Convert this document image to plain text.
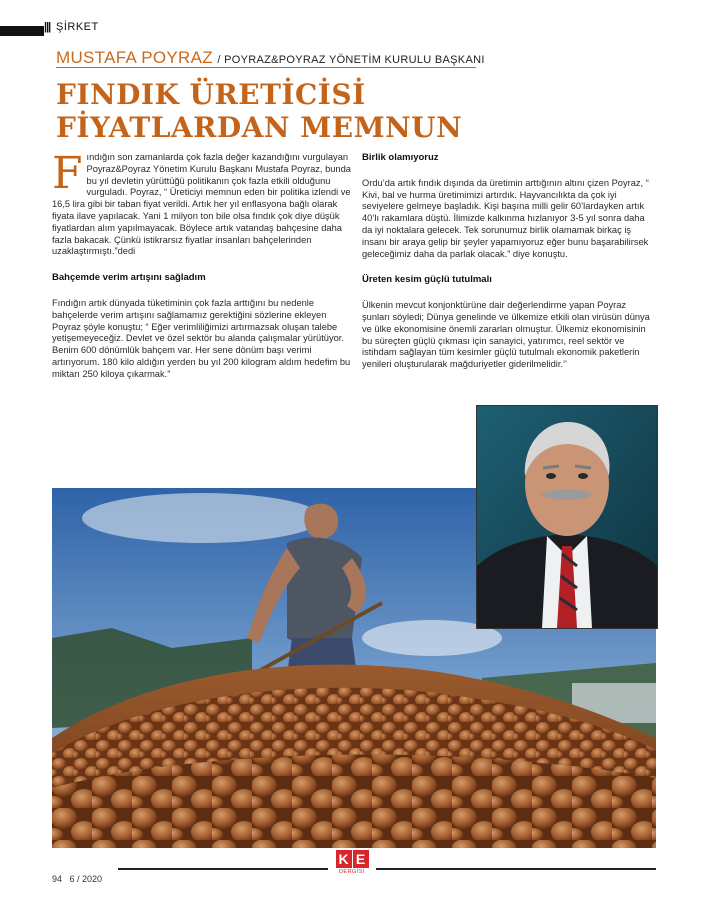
||| ŞİRKET
MUSTAFA POYRAZ / POYRAZ&POYRAZ YÖNETİM KURULU BAŞKANI
FINDIK ÜRETİCİSİ
FİYATLARDAN MEMNUN

Fındığın son zamanlarda çok fazla değer kazandığını vurgulayan Poyraz&Poyraz Yönetim Kurulu Başkanı Mustafa Poyraz, bunda bu yıl devletin yürüttüğü politikanın çok fazla etkili olduğunu vurguladı. Poyraz, “ Üreticiyi memnun eden bir politika izlendi ve 16,5 lira gibi bir taban fiyat verildi. Artık her yıl enflasyona bağlı olarak fiyata ilave yapılacak. Yani 1 milyon ton bile olsa fındık çok diye düşük fiyatlardan alım yapılmayacak. Böylece artık vatandaş bahçesine daha fazla bakacak. Çünkü istikrarsız fiyatlar insanları bahçelerinden uzaklaştırmıştı.”dedi

Bahçemde verim artışını sağladım

Fındığın artık dünyada tüketiminin çok fazla arttığını bu nedenle bahçelerde verim artışını sağlamamız gerektiğini sözlerine ekleyen Poyraz şöyle konuştu; “ Eğer verimliliğimizi artırmazsak oluşan talebe yetişemeyeceğiz. Devlet ve özel sektör bu alanda çalışmalar yürütüyor. Benim 600 dönümlük bahçem var. Her sene dönüm başı verimi artırıyorum. 180 kilo aldığın yerden bu yıl 200 kilogram aldım hedefim bu miktarı 250 kiloya çıkarmak.”

Birlik olamıyoruz

Ordu’da artık fındık dışında da üretimin arttığının altını çizen Poyraz, “ Kivi, bal ve hurma üretimimizi artırdık. Hayvancılıkta da çok iyi seviyelere gelmeye başladık. Kişi başına milli gelir 60’lardayken artık 40’lı rakamlara düştü. İlimizde kalkınma hızlanıyor 3-5 yıl sonra daha da iyi noktalara gelecek. Tek sorunumuz birlik olamamak birkaç iş insanı bir araya gelip bir şeyler yapamıyoruz eğer bunu başarabilirsek geleceğimiz daha da parlak olacak.” diye konuştu.

Üreten kesim güçlü tutulmalı

Ülkenin mevcut konjonktürüne dair değerlendirme yapan Poyraz şunları söyledi; Dünya genelinde ve ülkemize etkili olan virüsün dünya ve ülke ekonomisine önemli zararları olmuştur. Ülkemiz ekonomisinin bu süreçten güçlü çıkması için sanayici, yatırımcı, reel sektör ve istihdam sağlayan tüm kesimler güçlü tutulmalı ekonomik paketlerin yenileri oluşturularak mağduriyetler giderilmelidir.’’

94 6 / 2020
K E
DERGİSİ
